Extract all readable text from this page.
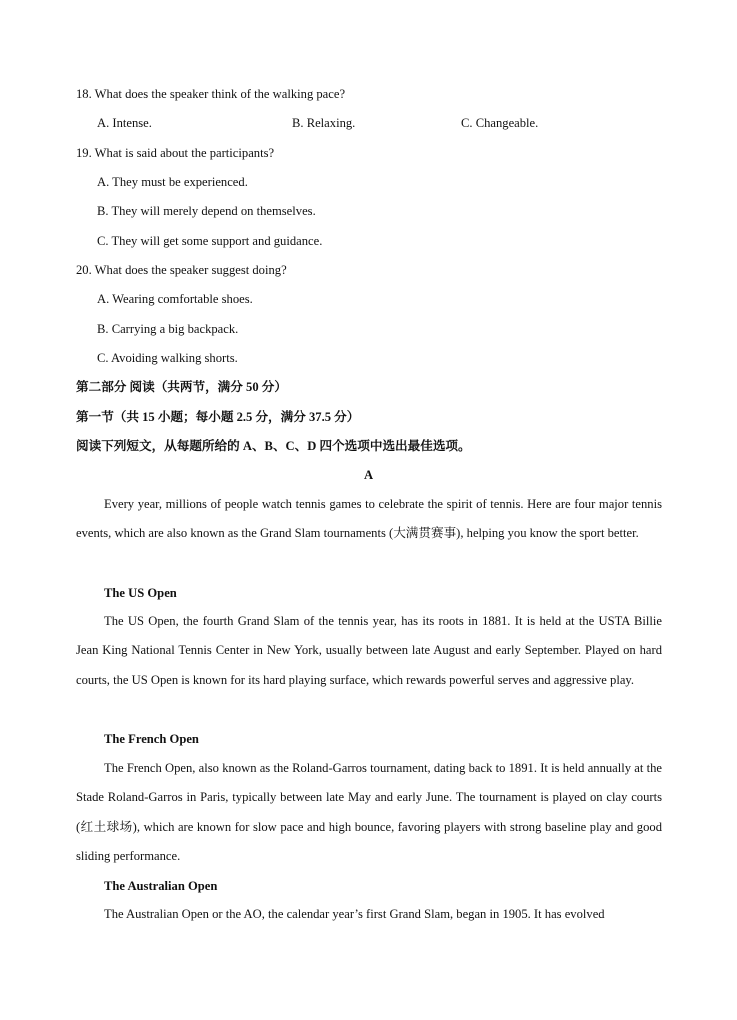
18. What does the speaker think of the walking pace?
A. Intense.	B. Relaxing.	C. Changeable.
19. What is said about the participants?
A. They must be experienced.
B. They will merely depend on themselves.
C. They will get some support and guidance.
20. What does the speaker suggest doing?
A. Wearing comfortable shoes.
B. Carrying a big backpack.
C. Avoiding walking shorts.
第二部分 阅读（共两节，满分 50 分）
第一节（共 15 小题；每小题 2.5 分，满分 37.5 分）
阅读下列短文，从每题所给的 A、B、C、D 四个选项中选出最佳选项。
A

Every year, millions of people watch tennis games to celebrate the spirit of tennis. Here are four major tennis events, which are also known as the Grand Slam tournaments (大满贯赛事), helping you know the sport better.

The US Open

The US Open, the fourth Grand Slam of the tennis year, has its roots in 1881. It is held at the USTA Billie Jean King National Tennis Center in New York, usually between late August and early September. Played on hard courts, the US Open is known for its hard playing surface, which rewards powerful serves and aggressive play.

The French Open

The French Open, also known as the Roland-Garros tournament, dating back to 1891. It is held annually at the Stade Roland-Garros in Paris, typically between late May and early June. The tournament is played on clay courts (红土球场), which are known for slow pace and high bounce, favoring players with strong baseline play and good sliding performance.

The Australian Open

The Australian Open or the AO, the calendar year’s first Grand Slam, began in 1905. It has evolved
